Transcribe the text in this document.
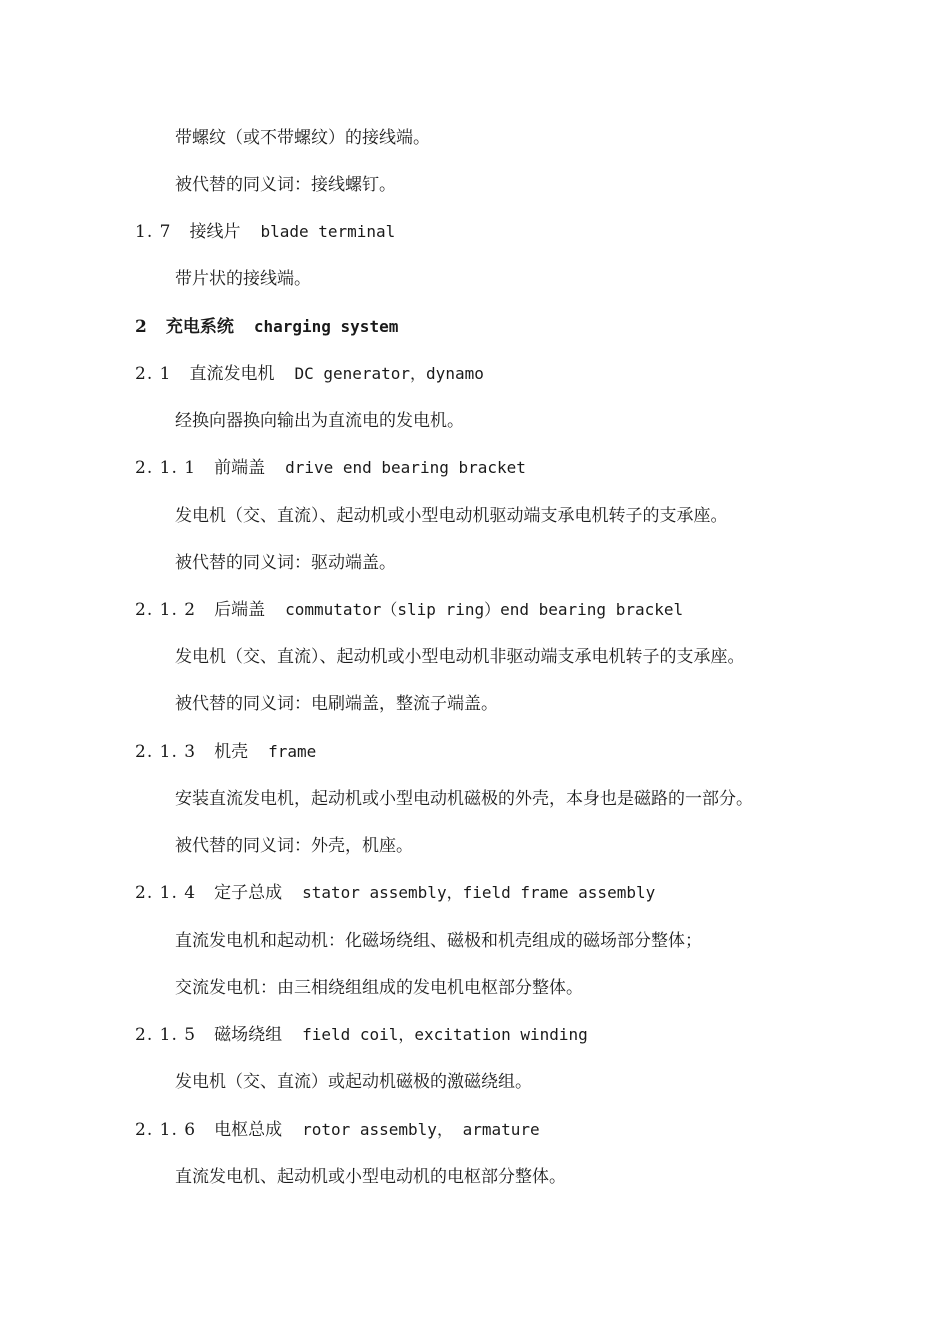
带螺纹（或不带螺纹）的接线端。
被代替的同义词：接线螺钉。
1. 7 接线片 blade terminal
带片状的接线端。
2 充电系统 charging system
2. 1 直流发电机 DC generator，dynamo
经换向器换向输出为直流电的发电机。
2. 1. 1 前端盖 drive end bearing bracket
发电机（交、直流）、起动机或小型电动机驱动端支承电机转子的支承座。
被代替的同义词：驱动端盖。
2. 1. 2 后端盖 commutator（slip ring）end bearing brackel
发电机（交、直流）、起动机或小型电动机非驱动端支承电机转子的支承座。
被代替的同义词：电刷端盖，整流子端盖。
2. 1. 3 机壳 frame
安装直流发电机，起动机或小型电动机磁极的外壳，本身也是磁路的一部分。
被代替的同义词：外壳，机座。
2. 1. 4 定子总成 stator assembly，field frame assembly
直流发电机和起动机：化磁场绕组、磁极和机壳组成的磁场部分整体；
交流发电机：由三相绕组组成的发电机电枢部分整体。
2. 1. 5 磁场绕组 field coil，excitation winding
发电机（交、直流）或起动机磁极的激磁绕组。
2. 1. 6 电枢总成 rotor assembly， armature
直流发电机、起动机或小型电动机的电枢部分整体。
